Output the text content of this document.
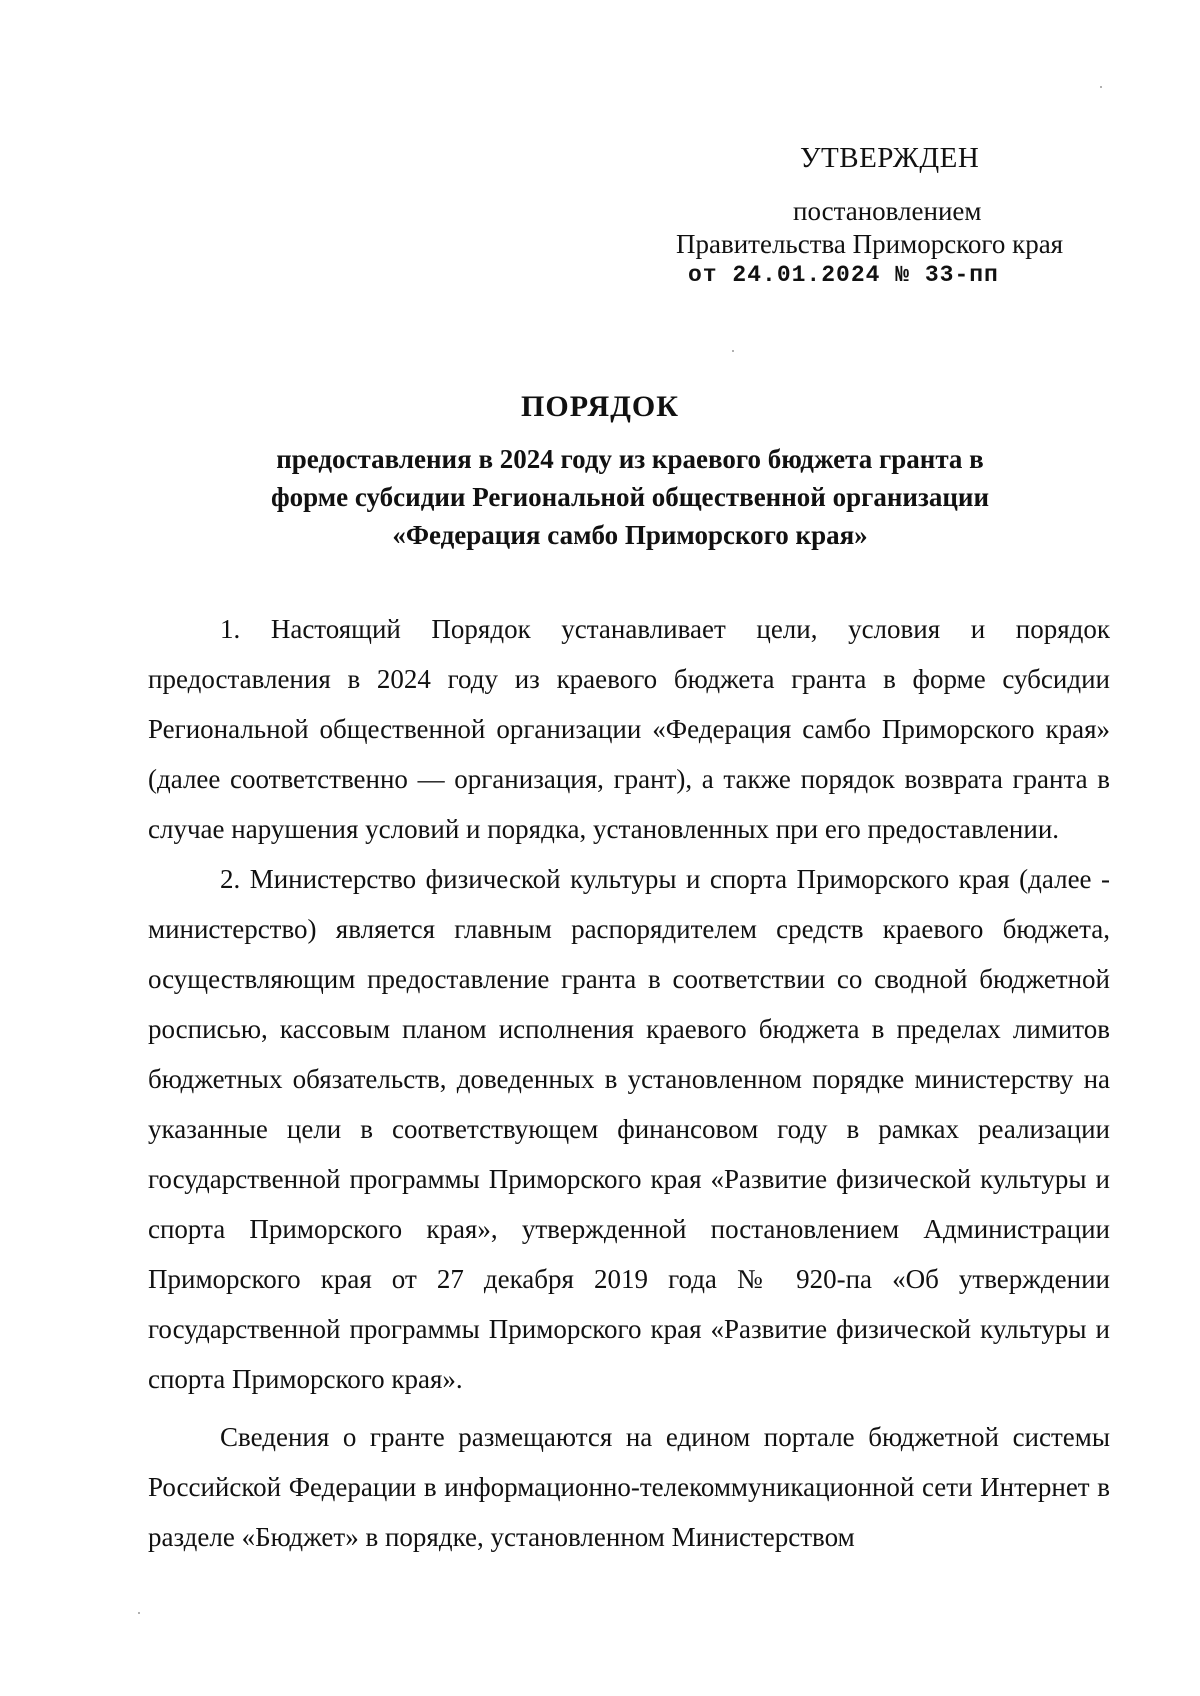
УТВЕРЖДЕН
постановлением
Правительства Приморского края
от 24.01.2024 № 33-пп
ПОРЯДОК
предоставления в 2024 году из краевого бюджета гранта в
форме субсидии Региональной общественной организации
«Федерация самбо Приморского края»

1. Настоящий Порядок устанавливает цели, условия и порядок предоставления в 2024 году из краевого бюджета гранта в форме субсидии Региональной общественной организации «Федерация самбо Приморского края» (далее соответственно — организация, грант), а также порядок возврата гранта в случае нарушения условий и порядка, установленных при его предоставлении.

2. Министерство физической культуры и спорта Приморского края (далее - министерство) является главным распорядителем средств краевого бюджета, осуществляющим предоставление гранта в соответствии со сводной бюджетной росписью, кассовым планом исполнения краевого бюджета в пределах лимитов бюджетных обязательств, доведенных в установленном порядке министерству на указанные цели в соответствующем финансовом году в рамках реализации государственной программы Приморского края «Развитие физической культуры и спорта Приморского края», утвержденной постановлением Администрации Приморского края от 27 декабря 2019 года № 920-па «Об утверждении государственной программы Приморского края «Развитие физической культуры и спорта Приморского края».

Сведения о гранте размещаются на едином портале бюджетной системы Российской Федерации в информационно-телекоммуникационной сети Интернет в разделе «Бюджет» в порядке, установленном Министерством
